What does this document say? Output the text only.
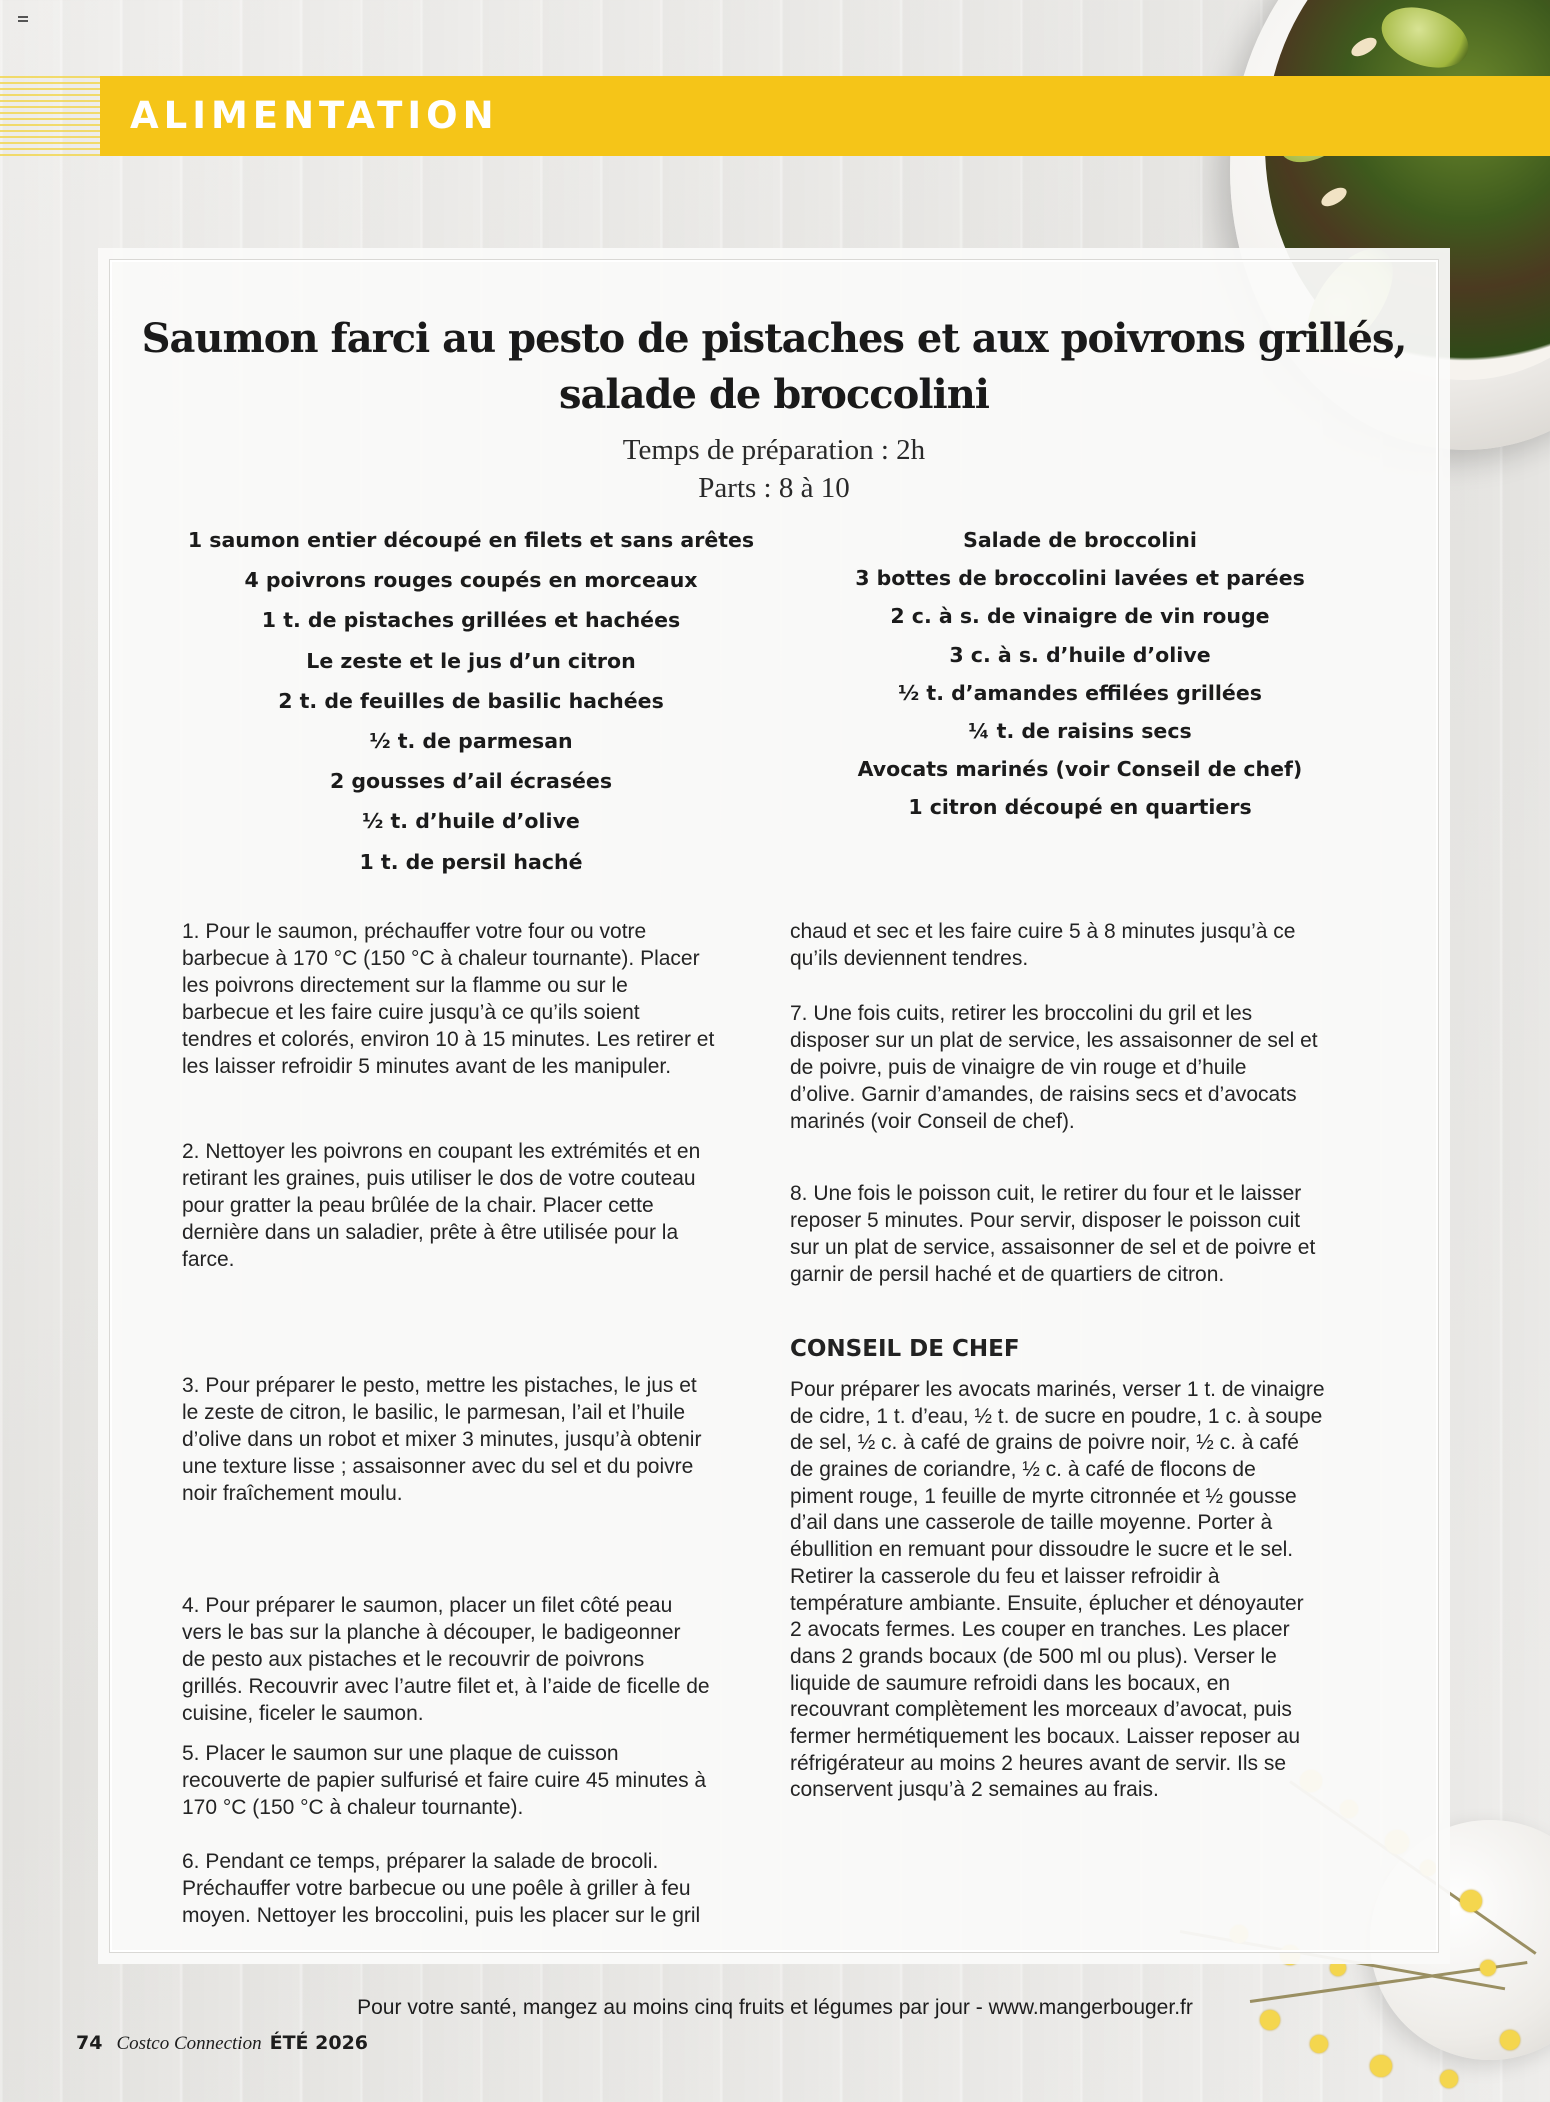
ALIMENTATION
Saumon farci au pesto de pistaches et aux poivrons grillés,
salade de broccolini
Temps de préparation : 2h
Parts : 8 à 10
1 saumon entier découpé en filets et sans arêtes
4 poivrons rouges coupés en morceaux
1 t. de pistaches grillées et hachées
Le zeste et le jus d’un citron
2 t. de feuilles de basilic hachées
½ t. de parmesan
2 gousses d’ail écrasées
½ t. d’huile d’olive
1 t. de persil haché
Salade de broccolini
3 bottes de broccolini lavées et parées
2 c. à s. de vinaigre de vin rouge
3 c. à s. d’huile d’olive
½ t. d’amandes effilées grillées
¼ t. de raisins secs
Avocats marinés (voir Conseil de chef)
1 citron découpé en quartiers

1. Pour le saumon, préchauffer votre four ou votre
barbecue à 170 °C (150 °C à chaleur tournante). Placer
les poivrons directement sur la flamme ou sur le
barbecue et les faire cuire jusqu’à ce qu’ils soient
tendres et colorés, environ 10 à 15 minutes. Les retirer et
les laisser refroidir 5 minutes avant de les manipuler.

2. Nettoyer les poivrons en coupant les extrémités et en
retirant les graines, puis utiliser le dos de votre couteau
pour gratter la peau brûlée de la chair. Placer cette
dernière dans un saladier, prête à être utilisée pour la
farce.

3. Pour préparer le pesto, mettre les pistaches, le jus et
le zeste de citron, le basilic, le parmesan, l’ail et l’huile
d’olive dans un robot et mixer 3 minutes, jusqu’à obtenir
une texture lisse ; assaisonner avec du sel et du poivre
noir fraîchement moulu.

4. Pour préparer le saumon, placer un filet côté peau
vers le bas sur la planche à découper, le badigeonner
de pesto aux pistaches et le recouvrir de poivrons
grillés. Recouvrir avec l’autre filet et, à l’aide de ficelle de
cuisine, ficeler le saumon.

5. Placer le saumon sur une plaque de cuisson
recouverte de papier sulfurisé et faire cuire 45 minutes à
170 °C (150 °C à chaleur tournante).

6. Pendant ce temps, préparer la salade de brocoli.
Préchauffer votre barbecue ou une poêle à griller à feu
moyen. Nettoyer les broccolini, puis les placer sur le gril

chaud et sec et les faire cuire 5 à 8 minutes jusqu’à ce
qu’ils deviennent tendres.

7. Une fois cuits, retirer les broccolini du gril et les
disposer sur un plat de service, les assaisonner de sel et
de poivre, puis de vinaigre de vin rouge et d’huile
d’olive. Garnir d’amandes, de raisins secs et d’avocats
marinés (voir Conseil de chef).

8. Une fois le poisson cuit, le retirer du four et le laisser
reposer 5 minutes. Pour servir, disposer le poisson cuit
sur un plat de service, assaisonner de sel et de poivre et
garnir de persil haché et de quartiers de citron.

CONSEIL DE CHEF
Pour préparer les avocats marinés, verser 1 t. de vinaigre
de cidre, 1 t. d’eau, ½ t. de sucre en poudre, 1 c. à soupe
de sel, ½ c. à café de grains de poivre noir, ½ c. à café
de graines de coriandre, ½ c. à café de flocons de
piment rouge, 1 feuille de myrte citronnée et ½ gousse
d’ail dans une casserole de taille moyenne. Porter à
ébullition en remuant pour dissoudre le sucre et le sel.
Retirer la casserole du feu et laisser refroidir à
température ambiante. Ensuite, éplucher et dénoyauter
2 avocats fermes. Les couper en tranches. Les placer
dans 2 grands bocaux (de 500 ml ou plus). Verser le
liquide de saumure refroidi dans les bocaux, en
recouvrant complètement les morceaux d’avocat, puis
fermer hermétiquement les bocaux. Laisser reposer au
réfrigérateur au moins 2 heures avant de servir. Ils se
conservent jusqu’à 2 semaines au frais.
Pour votre santé, mangez au moins cinq fruits et légumes par jour - www.mangerbouger.fr
74 Costco Connection ÉTÉ 2026
